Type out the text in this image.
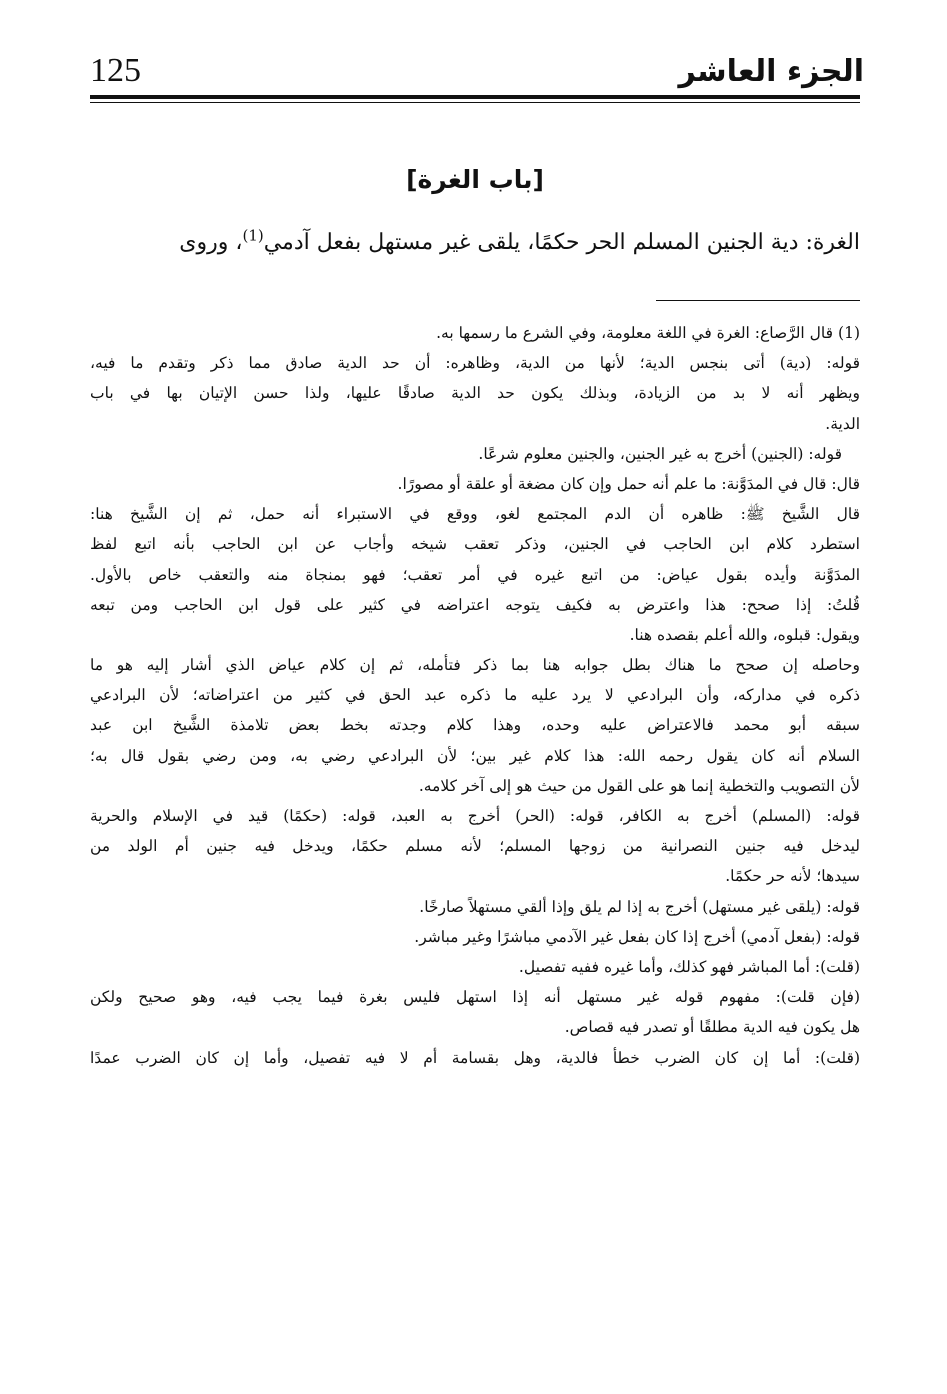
الجزء العاشر
125
[باب الغرة]
الغرة: دية الجنين المسلم الحر حكمًا، يلقى غير مستهل بفعل آدمي$^{(1)}$، وروى
(1) قال الرَّصاع: الغرة في اللغة معلومة، وفي الشرع ما رسمها به.
قوله: (دية) أتى بنجس الدية؛ لأنها من الدية، وظاهره: أن حد الدية صادق مما ذكر وتقدم ما فيه،
ويظهر أنه لا بد من الزيادة، وبذلك يكون حد الدية صادقًا عليها، ولذا حسن الإتيان بها في باب
الدية.
قوله: (الجنين) أخرج به غير الجنين، والجنين معلوم شرعًا.
قال: قال في المدَوَّنة: ما علم أنه حمل وإن كان مضغة أو علقة أو مصورًا.
قال الشَّيخ ﷺ: ظاهره أن الدم المجتمع لغو، ووقع في الاستبراء أنه حمل، ثم إن الشَّيخ هنا:
استطرد كلام ابن الحاجب في الجنين، وذكر تعقب شيخه وأجاب عن ابن الحاجب بأنه اتبع لفظ
المدَوَّنة وأيده بقول عياض: من اتبع غيره في أمر تعقب؛ فهو بمنجاة منه والتعقب خاص بالأول.
قُلتُ: إذا صحح: هذا واعترض به فكيف يتوجه اعتراضه في كثير على قول ابن الحاجب ومن تبعه
ويقول: قبلوه، والله أعلم بقصده هنا.
وحاصله إن صحح ما هناك بطل جوابه هنا بما ذكر فتأمله، ثم إن كلام عياض الذي أشار إليه هو ما
ذكره في مداركه، وأن البرادعي لا يرد عليه ما ذكره عبد الحق في كثير من اعتراضاته؛ لأن البرادعي
سبقه أبو محمد فالاعتراض عليه وحده، وهذا كلام وجدته بخط بعض تلامذة الشَّيخ ابن عبد
السلام أنه كان يقول رحمه الله: هذا كلام غير بين؛ لأن البرادعي رضي به، ومن رضي بقول قال به؛
لأن التصويب والتخطية إنما هو على القول من حيث هو إلى آخر كلامه.
قوله: (المسلم) أخرج به الكافر، قوله: (الحر) أخرج به العبد، قوله: (حكمًا) قيد في الإسلام والحرية
ليدخل فيه جنين النصرانية من زوجها المسلم؛ لأنه مسلم حكمًا، ويدخل فيه جنين أم الولد من
سيدها؛ لأنه حر حكمًا.
قوله: (يلقى غير مستهل) أخرج به إذا لم يلق وإذا ألقي مستهلاً صارخًا.
قوله: (بفعل آدمي) أخرج إذا كان بفعل غير الآدمي مباشرًا وغير مباشر.
(قلت): أما المباشر فهو كذلك، وأما غيره ففيه تفصيل.
(فإن قلت): مفهوم قوله غير مستهل أنه إذا استهل فليس بغرة فيما يجب فيه، وهو صحيح ولكن
هل يكون فيه الدية مطلقًا أو تصدر فيه قصاص.
(قلت): أما إن كان الضرب خطأ فالدية، وهل بقسامة أم لا فيه تفصيل، وأما إن كان الضرب عمدًا
